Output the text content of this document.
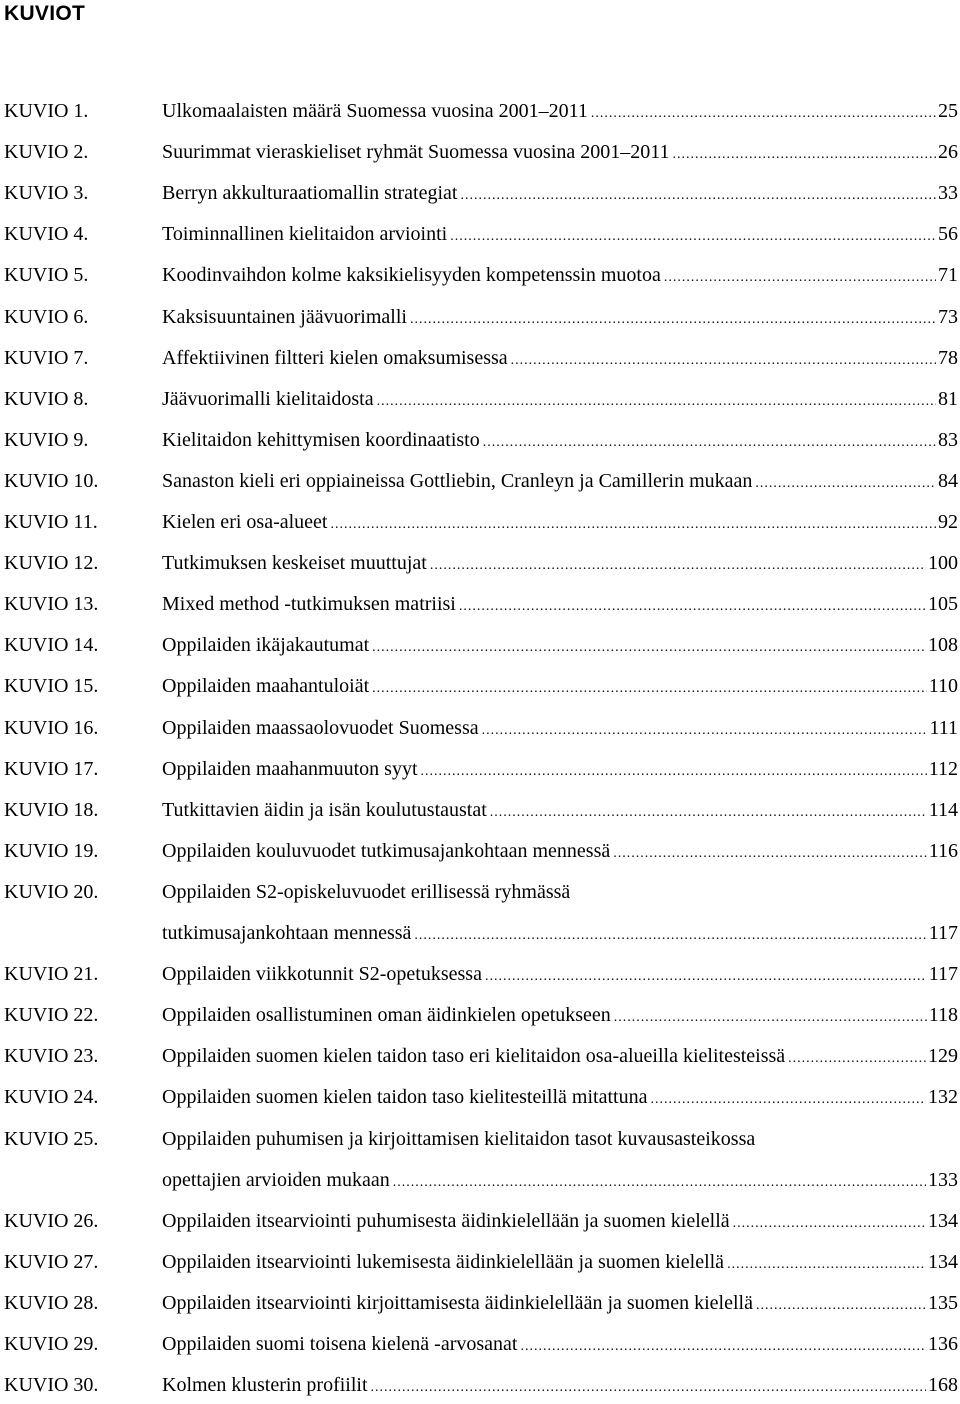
KUVIOT
KUVIO 1.	Ulkomaalaisten määrä Suomessa vuosina 2001–2011 .....	25
KUVIO 2.	Suurimmat vieraskieliset ryhmät Suomessa vuosina 2001–2011 .....	26
KUVIO 3.	Berryn akkulturaatiomallin strategiat .....	33
KUVIO 4.	Toiminnallinen kielitaidon arviointi .....	56
KUVIO 5.	Koodinvaihdon kolme kaksikielisyyden kompetenssin muotoa .....	71
KUVIO 6.	Kaksisuuntainen jäävuorimalli .....	73
KUVIO 7.	Affektiivinen filtteri kielen omaksumisessa .....	78
KUVIO 8.	Jäävuorimalli kielitaidosta .....	81
KUVIO 9.	Kielitaidon kehittymisen koordinaatisto .....	83
KUVIO 10.	Sanaston kieli eri oppiaineissa Gottliebin, Cranleyn ja Camillerin mukaan .....	84
KUVIO 11.	Kielen eri osa-alueet .....	92
KUVIO 12.	Tutkimuksen keskeiset muuttujat .....	100
KUVIO 13.	Mixed method -tutkimuksen matriisi .....	105
KUVIO 14.	Oppilaiden ikäjakautumat .....	108
KUVIO 15.	Oppilaiden maahantuloiät .....	110
KUVIO 16.	Oppilaiden maassaolovuodet Suomessa .....	111
KUVIO 17.	Oppilaiden maahanmuuton syyt .....	112
KUVIO 18.	Tutkittavien äidin ja isän koulutustaustat .....	114
KUVIO 19.	Oppilaiden kouluvuodet tutkimusajankohtaan mennessä .....	116
KUVIO 20.	Oppilaiden S2-opiskeluvuodet erillisessä ryhmässä
tutkimusajankohtaan mennessä .....	117
KUVIO 21.	Oppilaiden viikkotunnit S2-opetuksessa .....	117
KUVIO 22.	Oppilaiden osallistuminen oman äidinkielen opetukseen .....	118
KUVIO 23.	Oppilaiden suomen kielen taidon taso eri kielitaidon osa-alueilla kielitesteissä .....	129
KUVIO 24.	Oppilaiden suomen kielen taidon taso kielitesteillä mitattuna .....	132
KUVIO 25.	Oppilaiden puhumisen ja kirjoittamisen kielitaidon tasot kuvausasteikossa
opettajien arvioiden mukaan .....	133
KUVIO 26.	Oppilaiden itsearviointi puhumisesta äidinkielellään ja suomen kielellä .....	134
KUVIO 27.	Oppilaiden itsearviointi lukemisesta äidinkielellään ja suomen kielellä .....	134
KUVIO 28.	Oppilaiden itsearviointi kirjoittamisesta äidinkielellään ja suomen kielellä .....	135
KUVIO 29.	Oppilaiden suomi toisena kielenä -arvosanat .....	136
KUVIO 30.	Kolmen klusterin profiilit .....	168
